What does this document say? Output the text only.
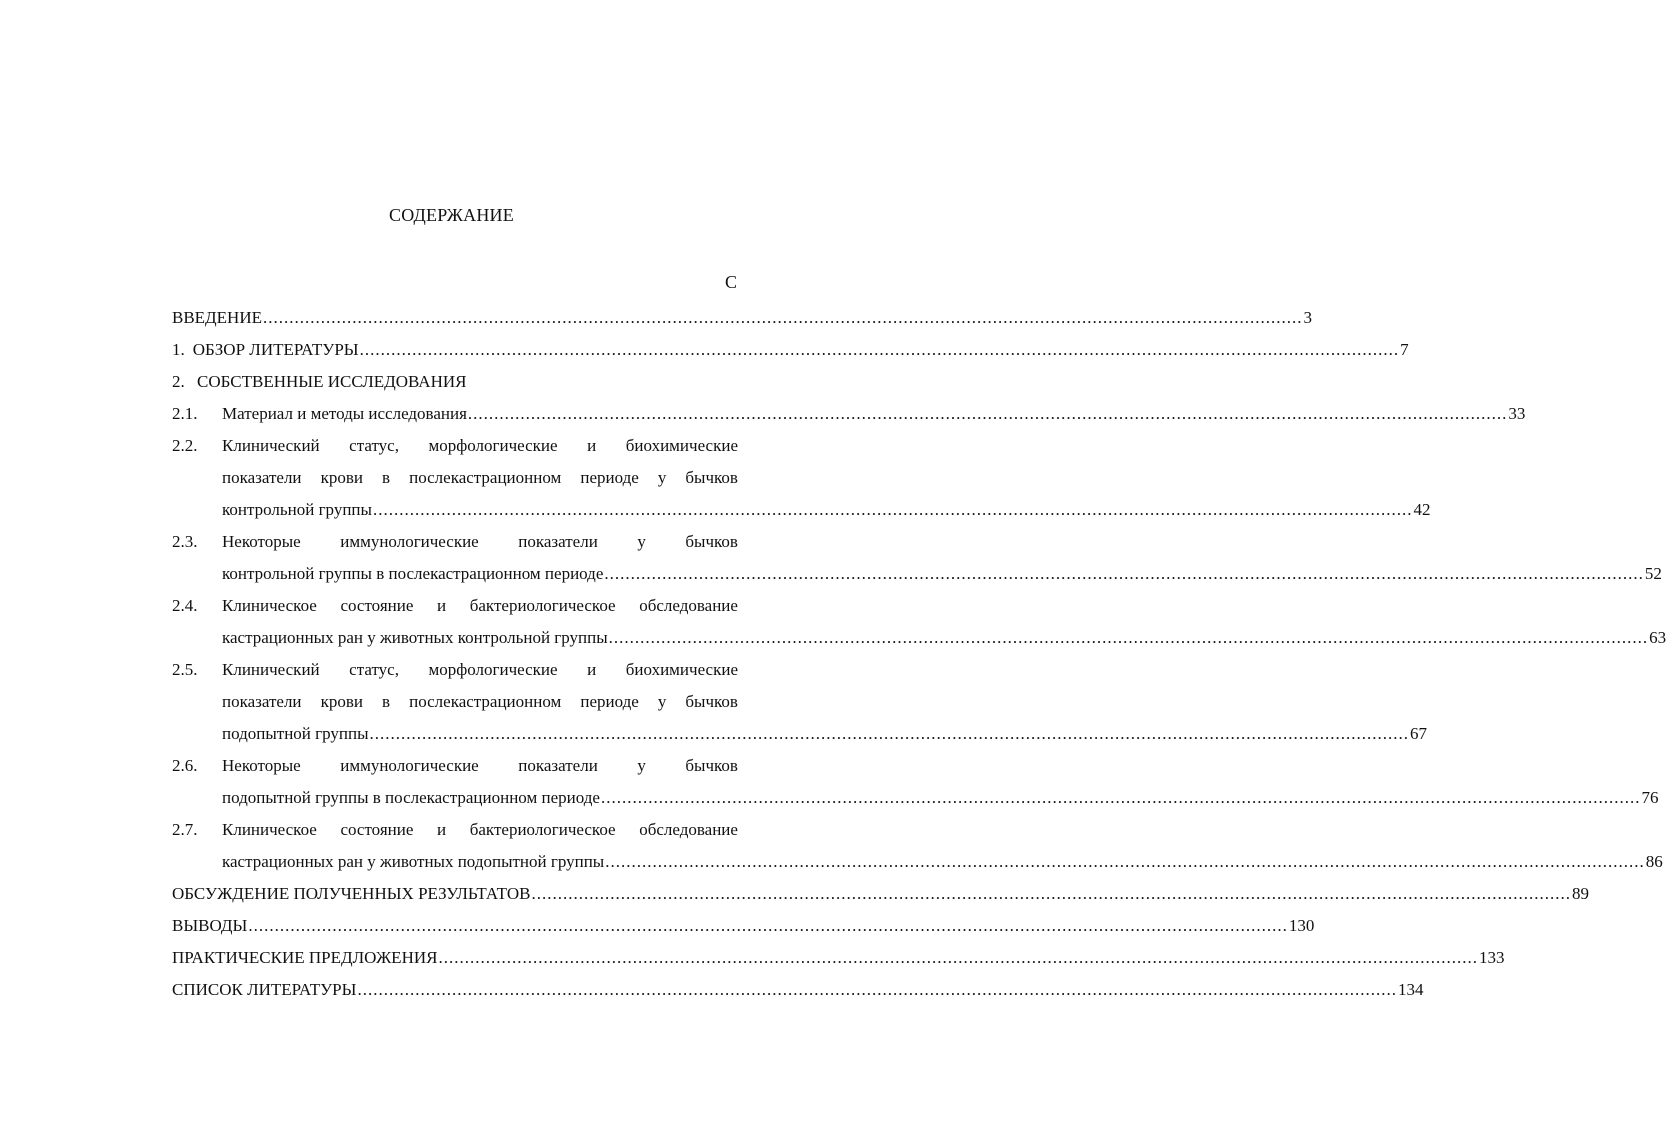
СОДЕРЖАНИЕ
С
ВВЕДЕНИЕ ...................................................................................................................................................................................................... 3
1. ОБЗОР ЛИТЕРАТУРЫ ...................................................................................................................................................................................................... 7
2. СОБСТВЕННЫЕ ИССЛЕДОВАНИЯ
2.1. Материал и методы исследования ...................................................................................................................................................................................................... 33
2.2. Клинический статус, морфологические и биохимические
показатели крови в послекастрационном периоде у бычков
контрольной группы ...................................................................................................................................................................................................... 42
2.3. Некоторые иммунологические показатели у бычков
контрольной группы в послекастрационном периоде ...................................................................................................................................................................................................... 52
2.4. Клиническое состояние и бактериологическое обследование
кастрационных ран у животных контрольной группы ...................................................................................................................................................................................................... 63
2.5. Клинический статус, морфологические и биохимические
показатели крови в послекастрационном периоде у бычков
подопытной группы ...................................................................................................................................................................................................... 67
2.6. Некоторые иммунологические показатели у бычков
подопытной группы в послекастрационном периоде ...................................................................................................................................................................................................... 76
2.7. Клиническое состояние и бактериологическое обследование
кастрационных ран у животных подопытной группы ...................................................................................................................................................................................................... 86
ОБСУЖДЕНИЕ ПОЛУЧЕННЫХ РЕЗУЛЬТАТОВ ...................................................................................................................................................................................................... 89
ВЫВОДЫ ...................................................................................................................................................................................................... 130
ПРАКТИЧЕСКИЕ ПРЕДЛОЖЕНИЯ ...................................................................................................................................................................................................... 133
СПИСОК ЛИТЕРАТУРЫ ...................................................................................................................................................................................................... 134
